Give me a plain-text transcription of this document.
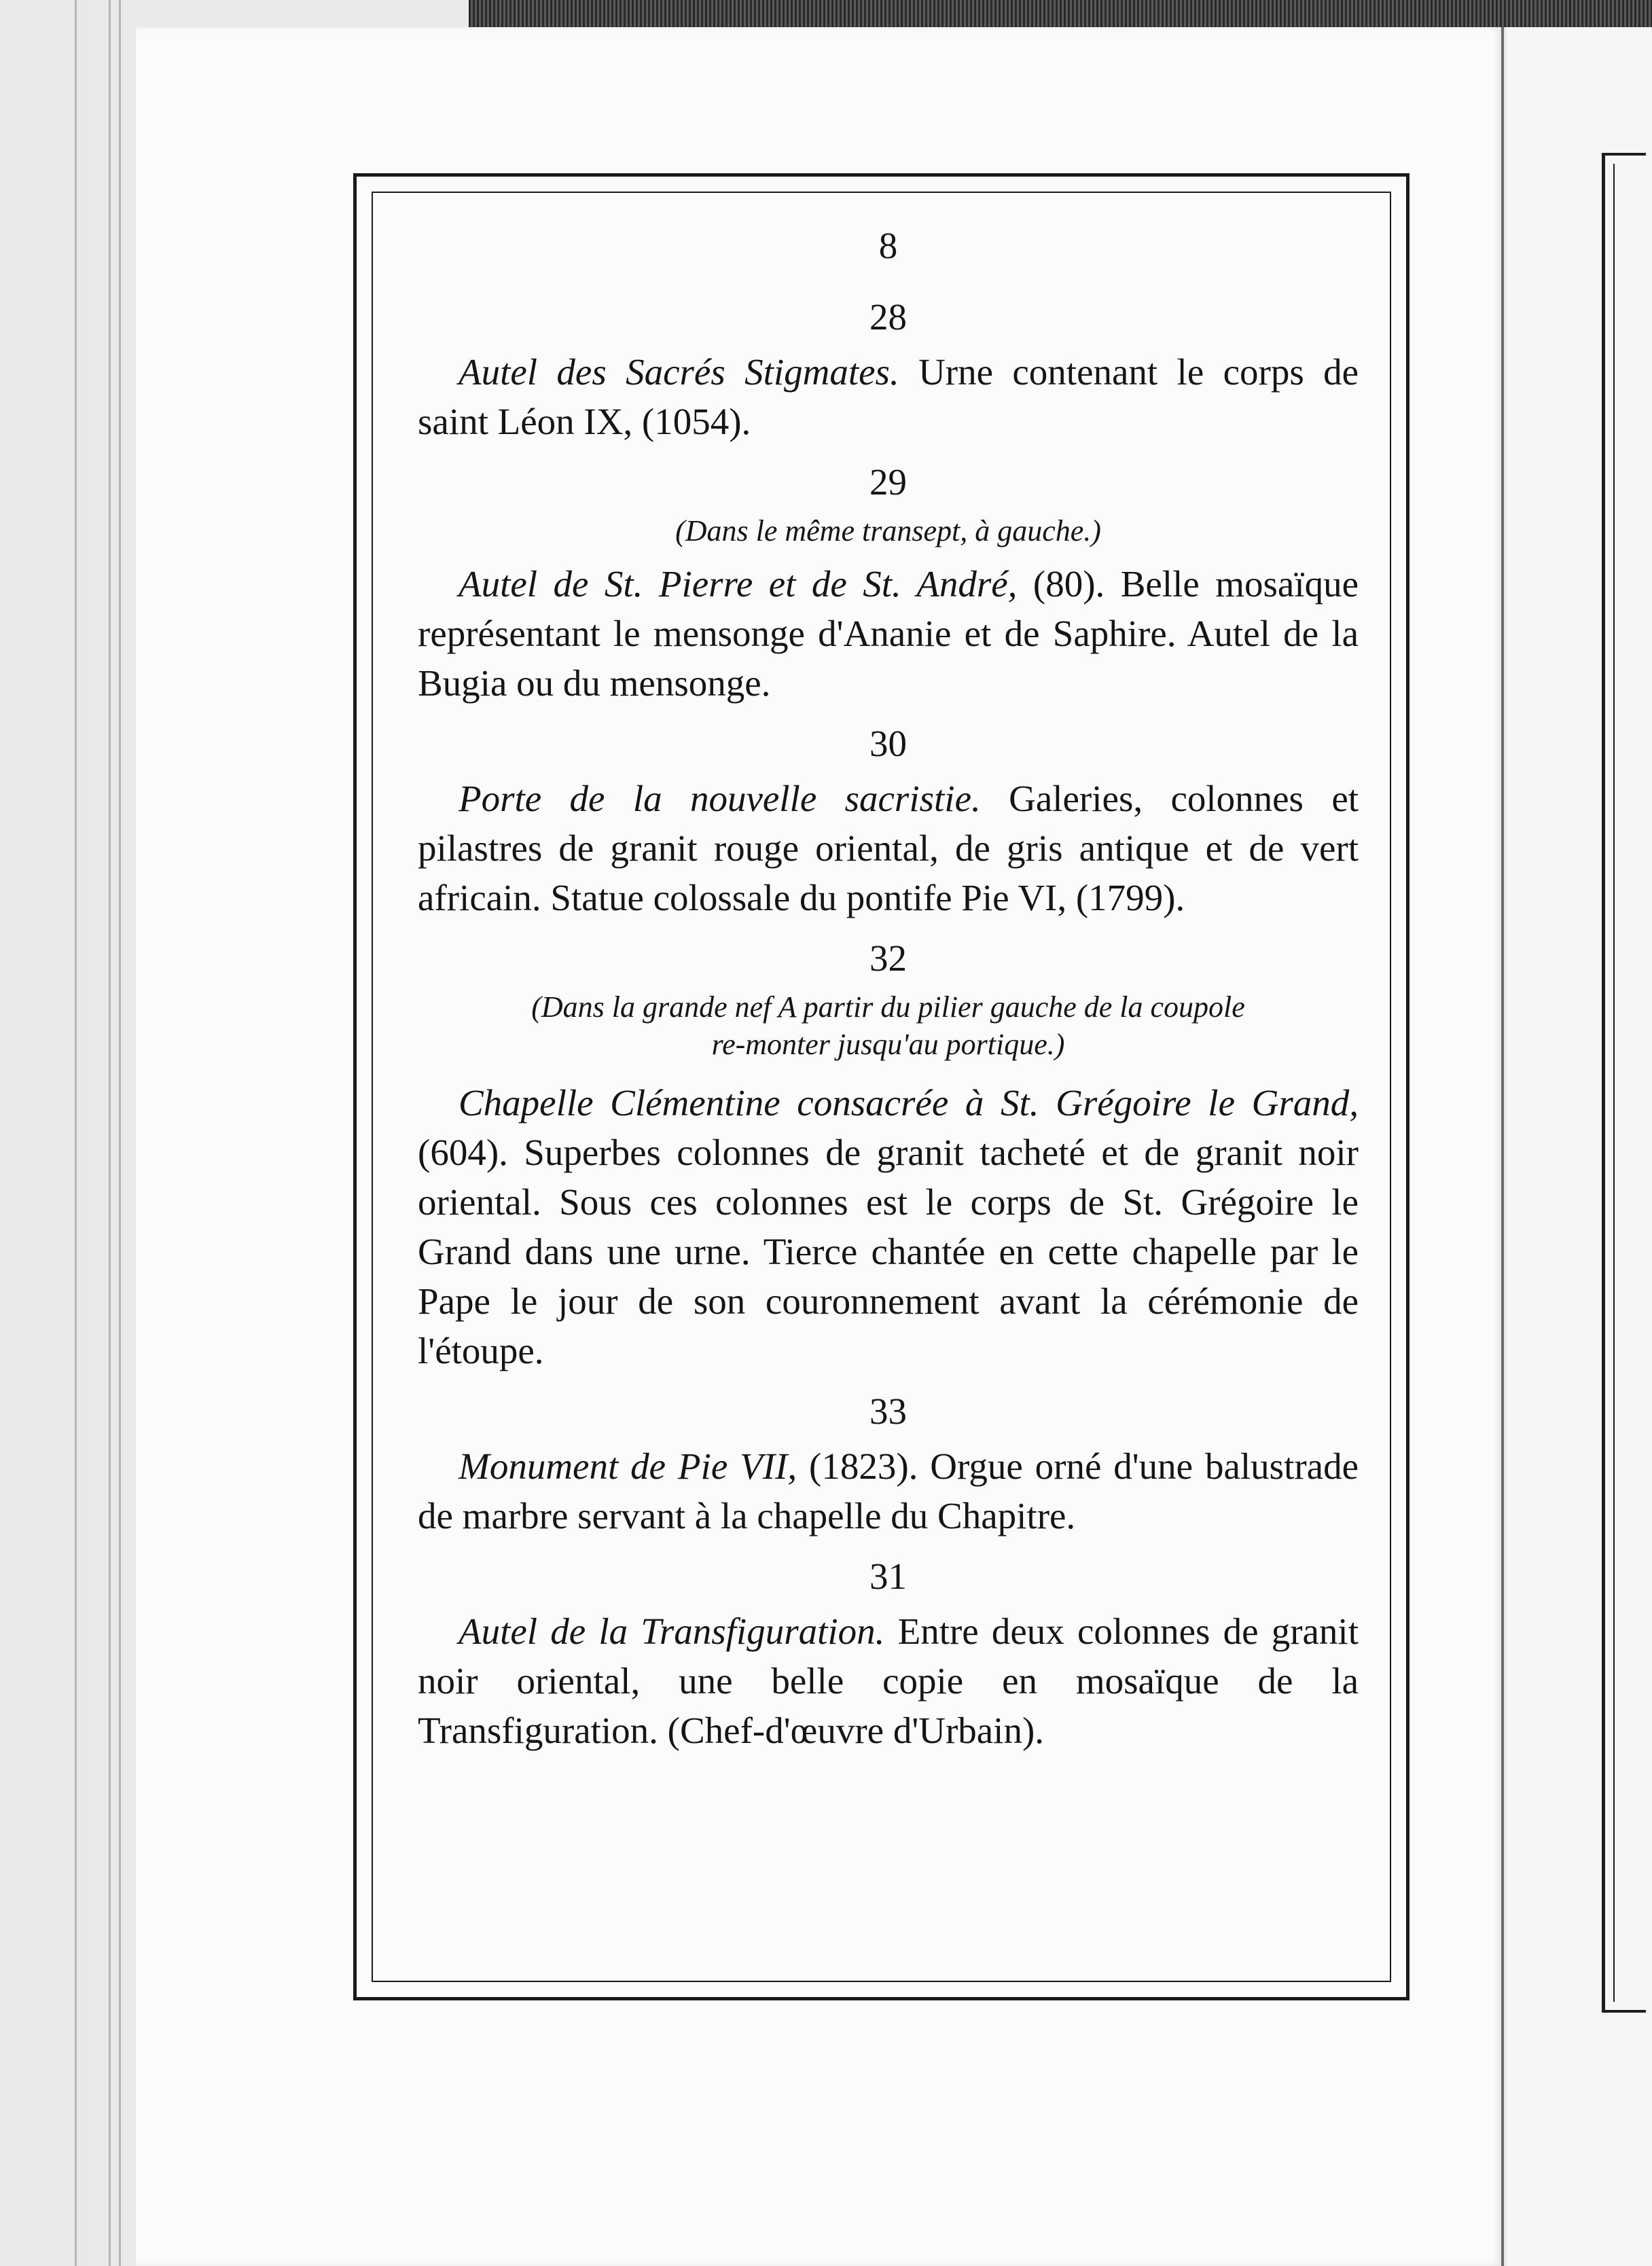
8
28

Autel des Sacrés Stigmates. Urne contenant le corps de saint Léon IX, (1054).

29
(Dans le même transept, à gauche.)

Autel de St. Pierre et de St. André, (80). Belle mosaïque représentant le mensonge d'Ananie et de Saphire. Autel de la Bugia ou du mensonge.

30

Porte de la nouvelle sacristie. Galeries, colonnes et pilastres de granit rouge oriental, de gris antique et de vert africain. Statue colossale du pontife Pie VI, (1799).

32
(Dans la grande nef A partir du pilier gauche de la coupole
re-monter jusqu'au portique.)

Chapelle Clémentine consacrée à St. Grégoire le Grand, (604). Superbes colonnes de granit tacheté et de granit noir oriental. Sous ces colonnes est le corps de St. Grégoire le Grand dans une urne. Tierce chantée en cette chapelle par le Pape le jour de son couronnement avant la cérémonie de l'étoupe.

33

Monument de Pie VII, (1823). Orgue orné d'une balustrade de marbre servant à la chapelle du Chapitre.

31

Autel de la Transfiguration. Entre deux colonnes de granit noir oriental, une belle copie en mosaïque de la Transfiguration. (Chef-d'œuvre d'Urbain).
